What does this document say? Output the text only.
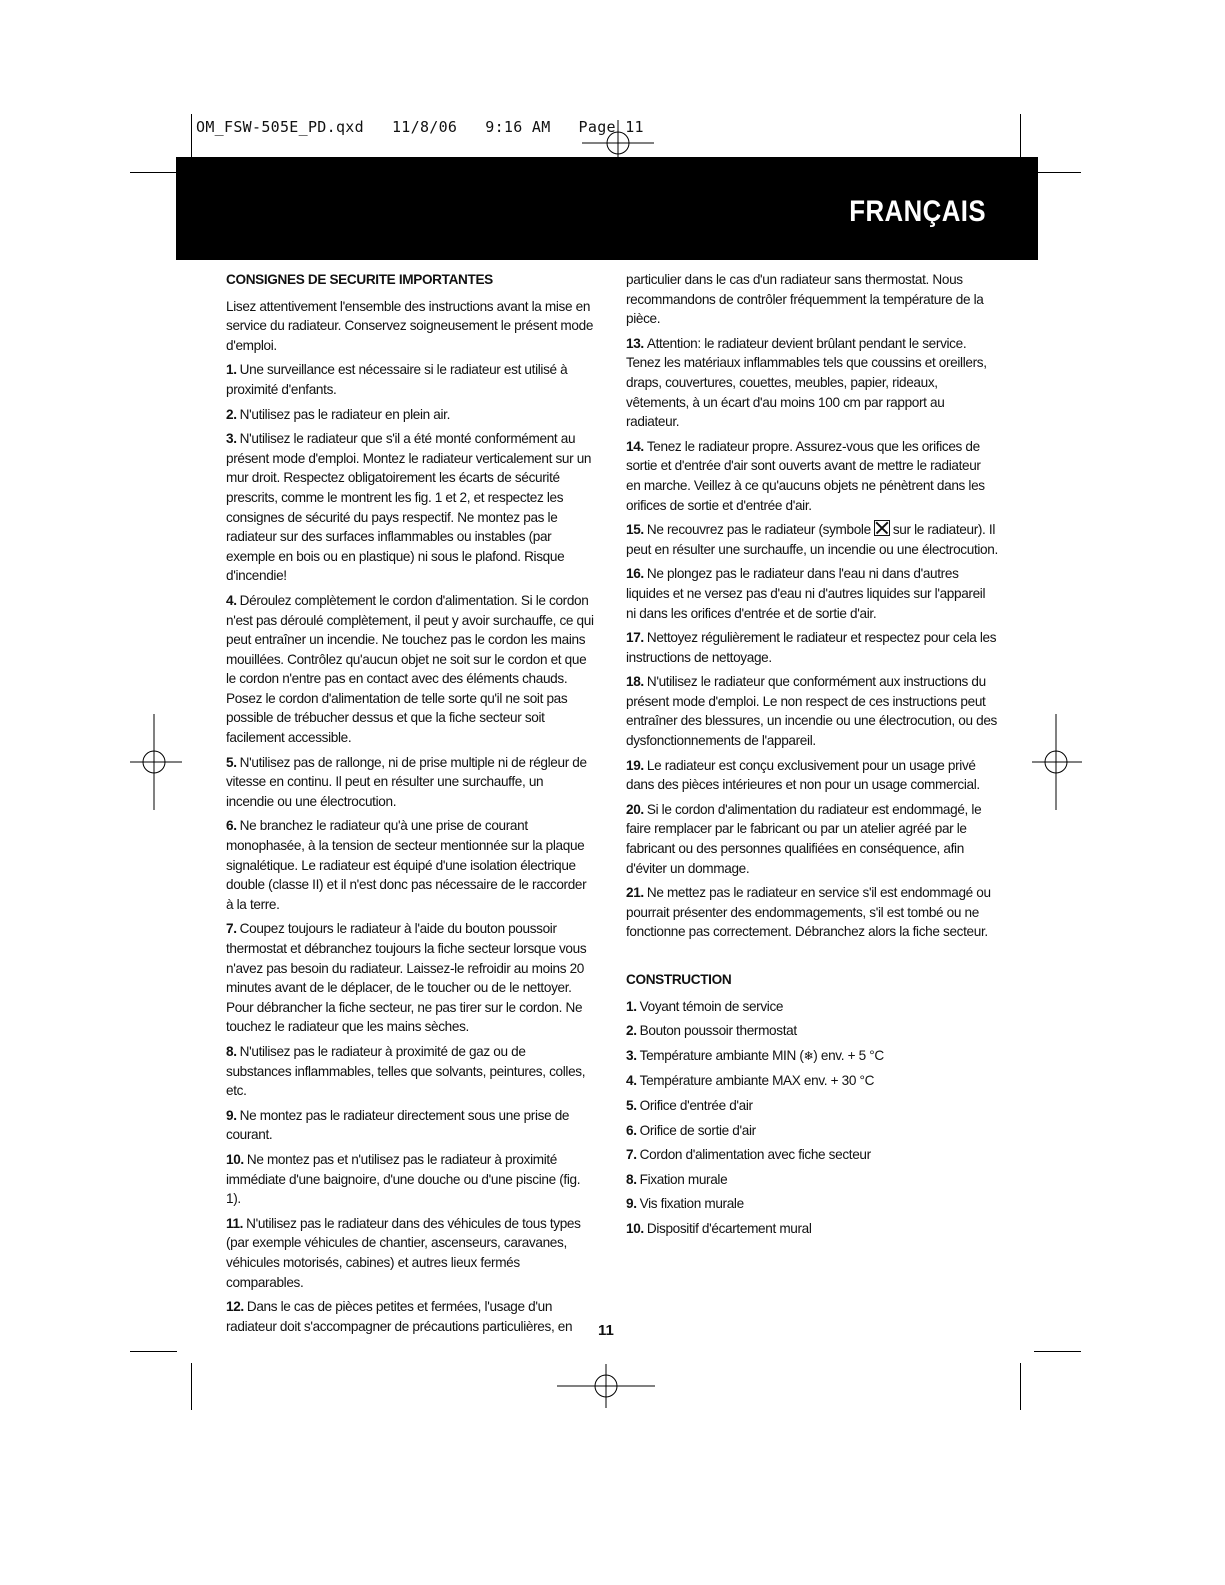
OM_FSW-505E_PD.qxd   11/8/06   9:16 AM   Page 11
FRANÇAIS
CONSIGNES DE SECURITE IMPORTANTES

Lisez attentivement l'ensemble des instructions avant la mise en service du radiateur. Conservez soigneusement le présent mode d'emploi.

1. Une surveillance est nécessaire si le radiateur est utilisé à proximité d'enfants.

2. N'utilisez pas le radiateur en plein air.

3. N'utilisez le radiateur que s'il a été monté conformément au présent mode d'emploi. Montez le radiateur verticalement sur un mur droit. Respectez obligatoirement les écarts de sécurité prescrits, comme le montrent les fig. 1 et 2, et respectez les consignes de sécurité du pays respectif. Ne montez pas le radiateur sur des surfaces inflammables ou instables (par exemple en bois ou en plastique) ni sous le plafond. Risque d'incendie!

4. Déroulez complètement le cordon d'alimentation. Si le cordon n'est pas déroulé complètement, il peut y avoir surchauffe, ce qui peut entraîner un incendie. Ne touchez pas le cordon les mains mouillées. Contrôlez qu'aucun objet ne soit sur le cordon et que le cordon n'entre pas en contact avec des éléments chauds. Posez le cordon d'alimentation de telle sorte qu'il ne soit pas possible de trébucher dessus et que la fiche secteur soit facilement accessible.

5. N'utilisez pas de rallonge, ni de prise multiple ni de régleur de vitesse en continu. Il peut en résulter une surchauffe, un incendie ou une électrocution.

6. Ne branchez le radiateur qu'à une prise de courant monophasée, à la tension de secteur mentionnée sur la plaque signalétique. Le radiateur est équipé d'une isolation électrique double (classe II) et il n'est donc pas nécessaire de le raccorder à la terre.

7. Coupez toujours le radiateur à l'aide du bouton poussoir thermostat et débranchez toujours la fiche secteur lorsque vous n'avez pas besoin du radiateur. Laissez-le refroidir au moins 20 minutes avant de le déplacer, de le toucher ou de le nettoyer. Pour débrancher la fiche secteur, ne pas tirer sur le cordon. Ne touchez le radiateur que les mains sèches.

8. N'utilisez pas le radiateur à proximité de gaz ou de substances inflammables, telles que solvants, peintures, colles, etc.

9. Ne montez pas le radiateur directement sous une prise de courant.

10. Ne montez pas et n'utilisez pas le radiateur à proximité immédiate d'une baignoire, d'une douche ou d'une piscine (fig. 1).

11. N'utilisez pas le radiateur dans des véhicules de tous types (par exemple véhicules de chantier, ascenseurs, caravanes, véhicules motorisés, cabines) et autres lieux fermés comparables.

12. Dans le cas de pièces petites et fermées, l'usage d'un radiateur doit s'accompagner de précautions particulières, en

particulier dans le cas d'un radiateur sans thermostat. Nous recommandons de contrôler fréquemment la température de la pièce.

13. Attention: le radiateur devient brûlant pendant le service. Tenez les matériaux inflammables tels que coussins et oreillers, draps, couvertures, couettes, meubles, papier, rideaux, vêtements, à un écart d'au moins 100 cm par rapport au radiateur.

14. Tenez le radiateur propre. Assurez-vous que les orifices de sortie et d'entrée d'air sont ouverts avant de mettre le radiateur en marche. Veillez à ce qu'aucuns objets ne pénètrent dans les orifices de sortie et d'entrée d'air.

15. Ne recouvrez pas le radiateur (symbole sur le radiateur). Il peut en résulter une surchauffe, un incendie ou une électrocution.

16. Ne plongez pas le radiateur dans l'eau ni dans d'autres liquides et ne versez pas d'eau ni d'autres liquides sur l'appareil ni dans les orifices d'entrée et de sortie d'air.

17. Nettoyez régulièrement le radiateur et respectez pour cela les instructions de nettoyage.

18. N'utilisez le radiateur que conformément aux instructions du présent mode d'emploi. Le non respect de ces instructions peut entraîner des blessures, un incendie ou une électrocution, ou des dysfonctionnements de l'appareil.

19. Le radiateur est conçu exclusivement pour un usage privé dans des pièces intérieures et non pour un usage commercial.

20. Si le cordon d'alimentation du radiateur est endommagé, le faire remplacer par le fabricant ou par un atelier agréé par le fabricant ou des personnes qualifiées en conséquence, afin d'éviter un dommage.

21. Ne mettez pas le radiateur en service s'il est endommagé ou pourrait présenter des endommagements, s'il est tombé ou ne fonctionne pas correctement. Débranchez alors la fiche secteur.

CONSTRUCTION
1. Voyant témoin de service
2. Bouton poussoir thermostat
3. Température ambiante MIN (❄) env. + 5 °C
4. Température ambiante MAX env. + 30 °C
5. Orifice d'entrée d'air
6. Orifice de sortie d'air
7. Cordon d'alimentation avec fiche secteur
8. Fixation murale
9. Vis fixation murale
10. Dispositif d'écartement mural
11
